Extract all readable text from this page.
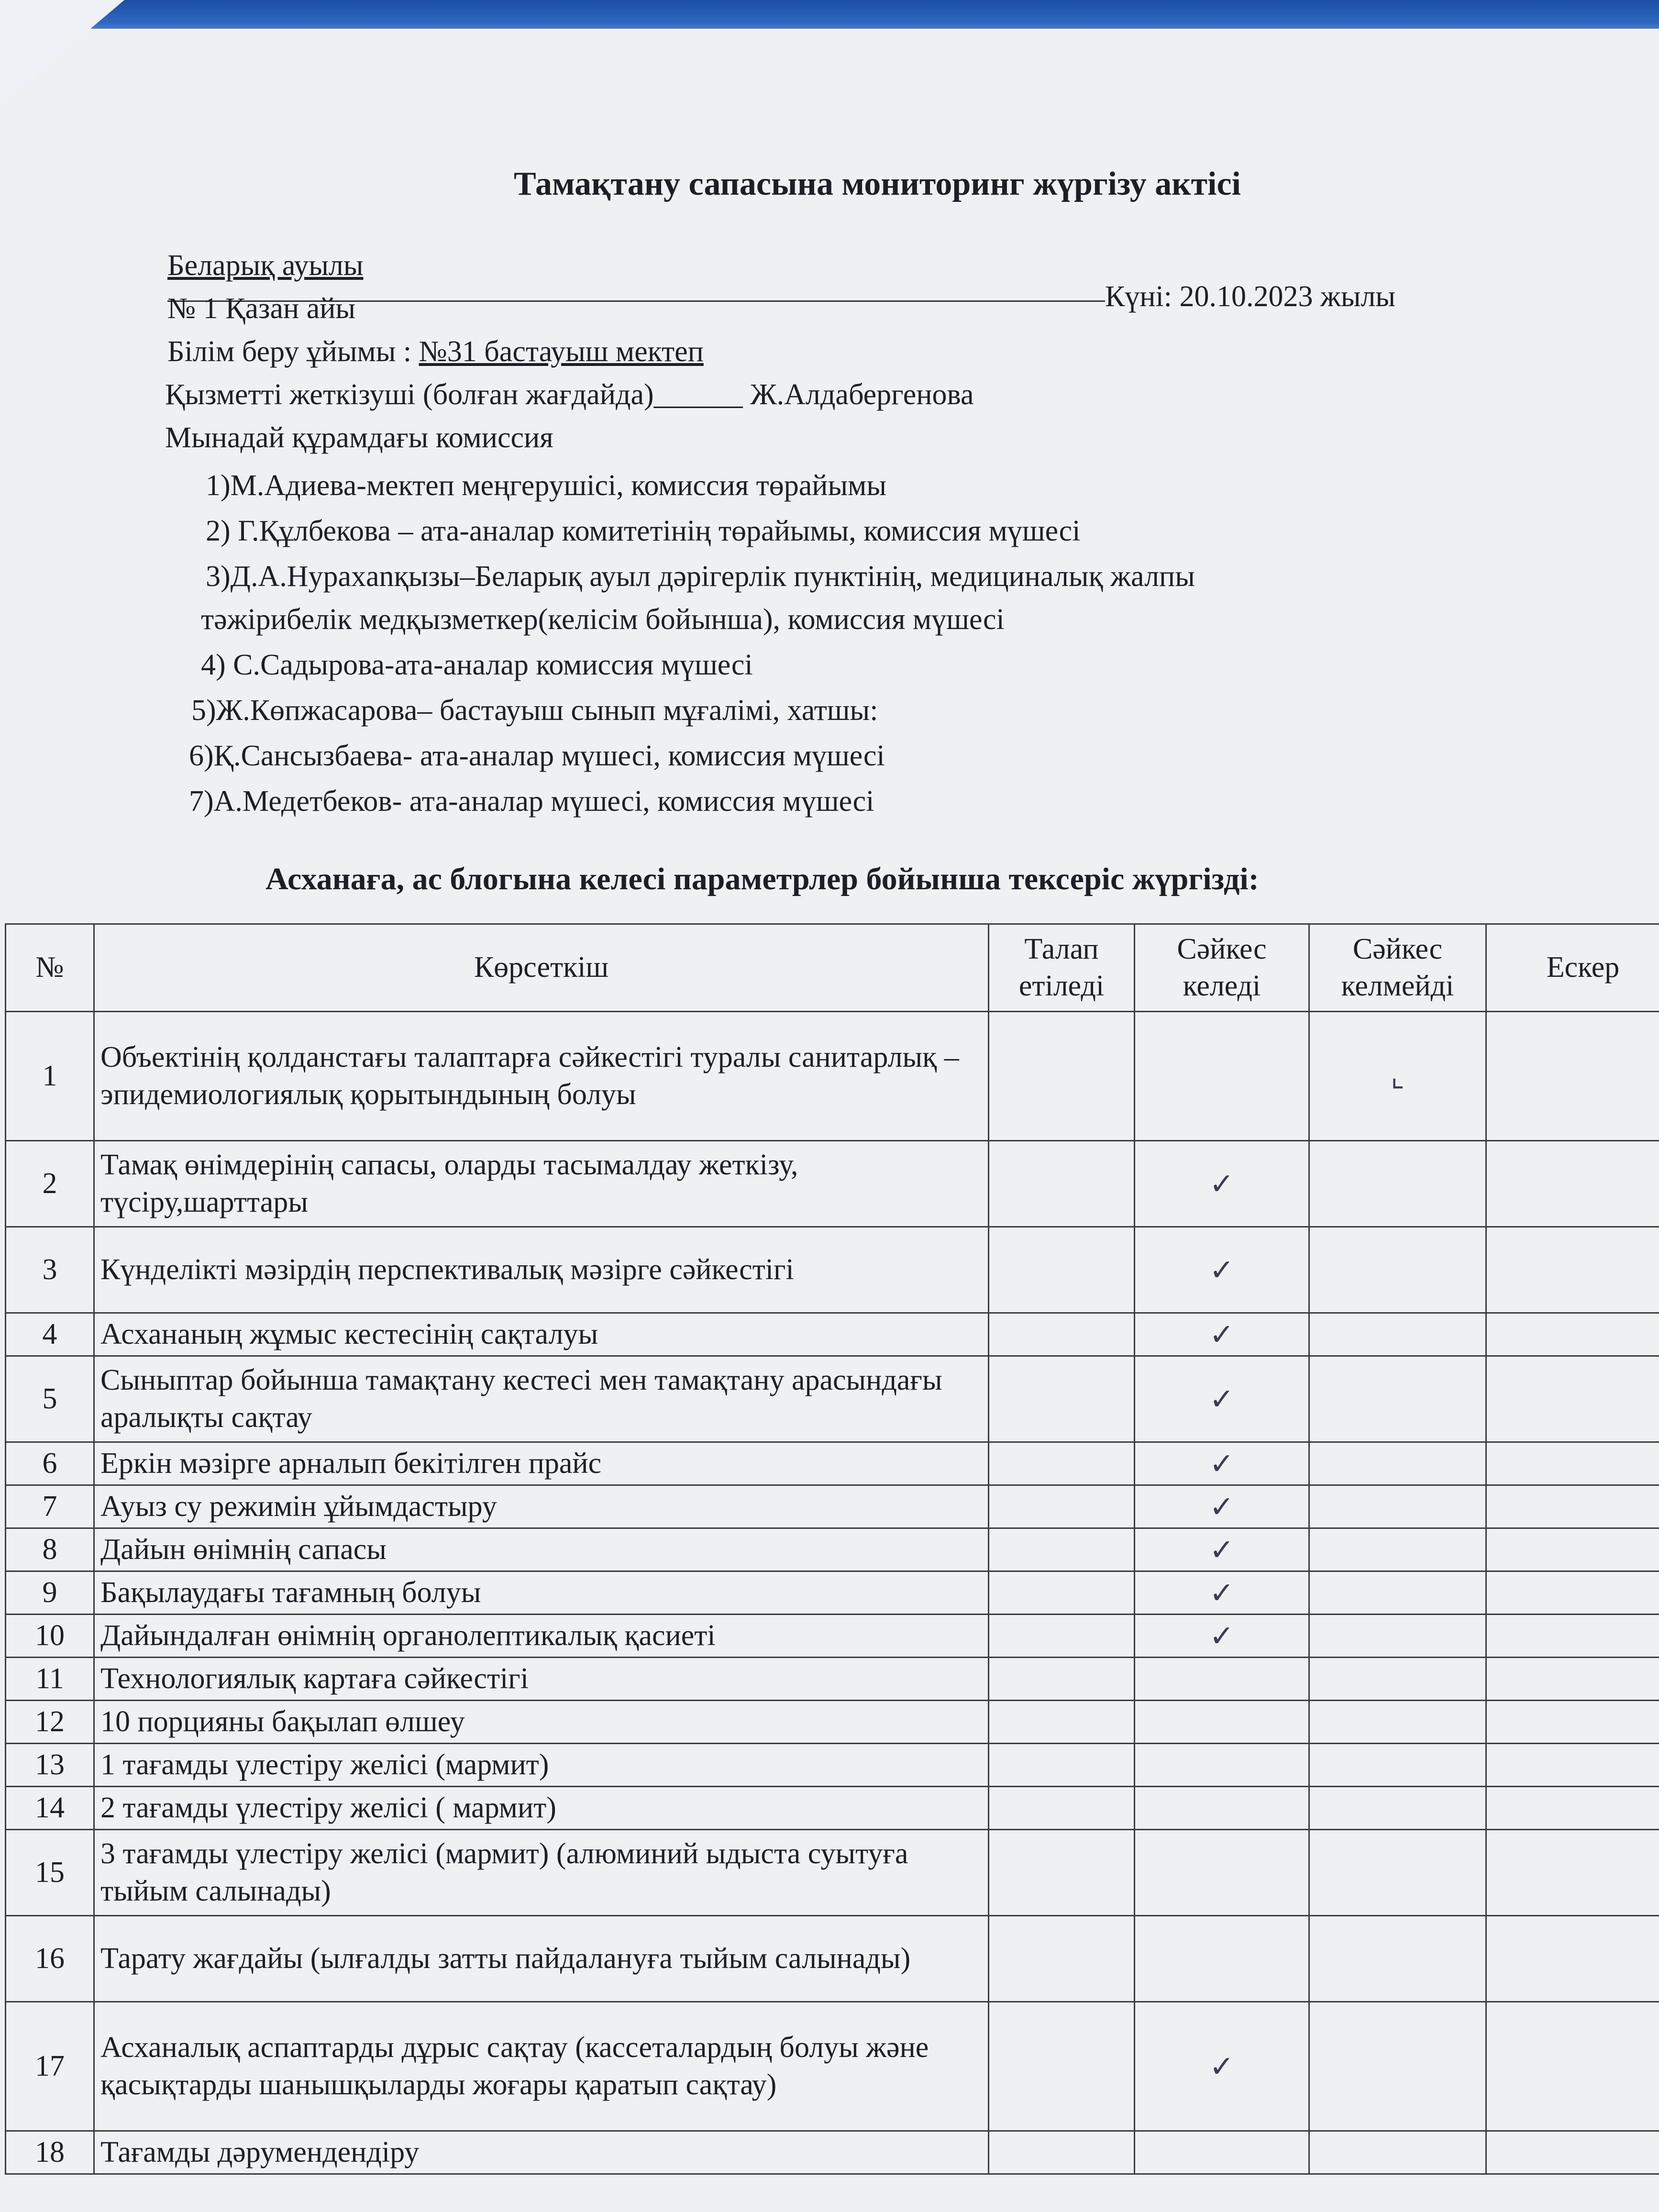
Тамақтану сапасына мониторинг жүргізу актісі
Беларық ауылы
№ 1 Қазан айы	Күні: 20.10.2023 жылы
Білім беру ұйымы : №31 бастауыш мектеп
Қызметті жеткізуші (болған жағдайда)______ Ж.Алдабергенова
Мынадай құрамдағы комиссия
1)М.Адиева-мектеп меңгерушісі, комиссия төрайымы
2) Г.Құлбекова – ата-аналар комитетінің төрайымы, комиссия мүшесі
3)Д.А.Нурахanқызы–Беларық ауыл дәрігерлік пунктінің, медициналық жалпы
тәжірибелік медқызметкер(келісім бойынша), комиссия мүшесі
4) С.Садырова-ата-аналар комиссия мүшесі
5)Ж.Көпжасарова– бастауыш сынып мұғалімі, хатшы:
6)Қ.Сансызбаева- ата-аналар мүшесі, комиссия мүшесі
7)А.Медетбеков- ата-аналар мүшесі, комиссия мүшесі
Асханаға, ас блогына келесі параметрлер бойынша тексеріс жүргізді:
№	Көрсеткіш	Талап етіледі	Сәйкес келеді	Сәйкес келмейді	Ескер
1	Объектінің қолданстағы талаптарға сәйкестігі туралы санитарлық – эпидемиологиялық қорытындының болуы			⌞	
2	Тамақ өнімдерінің сапасы, оларды тасымалдау жеткізу, түсіру,шарттары		✓		
3	Күнделікті мәзірдің перспективалық мәзірге сәйкестігі		✓		
4	Асхананың жұмыс кестесінің сақталуы		✓		
5	Сыныптар бойынша тамақтану кестесі мен тамақтану арасындағы аралықты сақтау		✓		
6	Еркін мәзірге арналып бекітілген прайс		✓		
7	Ауыз су режимін ұйымдастыру		✓		
8	Дайын өнімнің сапасы		✓		
9	Бақылаудағы тағамның болуы		✓		
10	Дайындалған өнімнің органолептикалық қасиеті		✓		
11	Технологиялық картаға сәйкестігі				
12	10 порцияны бақылап өлшеу				
13	1 тағамды үлестіру желісі (мармит)				
14	2 тағамды үлестіру желісі ( мармит)				
15	3 тағамды үлестіру желісі (мармит) (алюминий ыдыста суытуға тыйым салынады)				
16	Тарату жағдайы (ылғалды затты пайдалануға тыйым салынады)				
17	Асханалық аспаптарды дұрыс сақтау (кассеталардың болуы және қасықтарды шанышқыларды жоғары қаратып сақтау)		✓		
18	Тағамды дәрумендендіру				
